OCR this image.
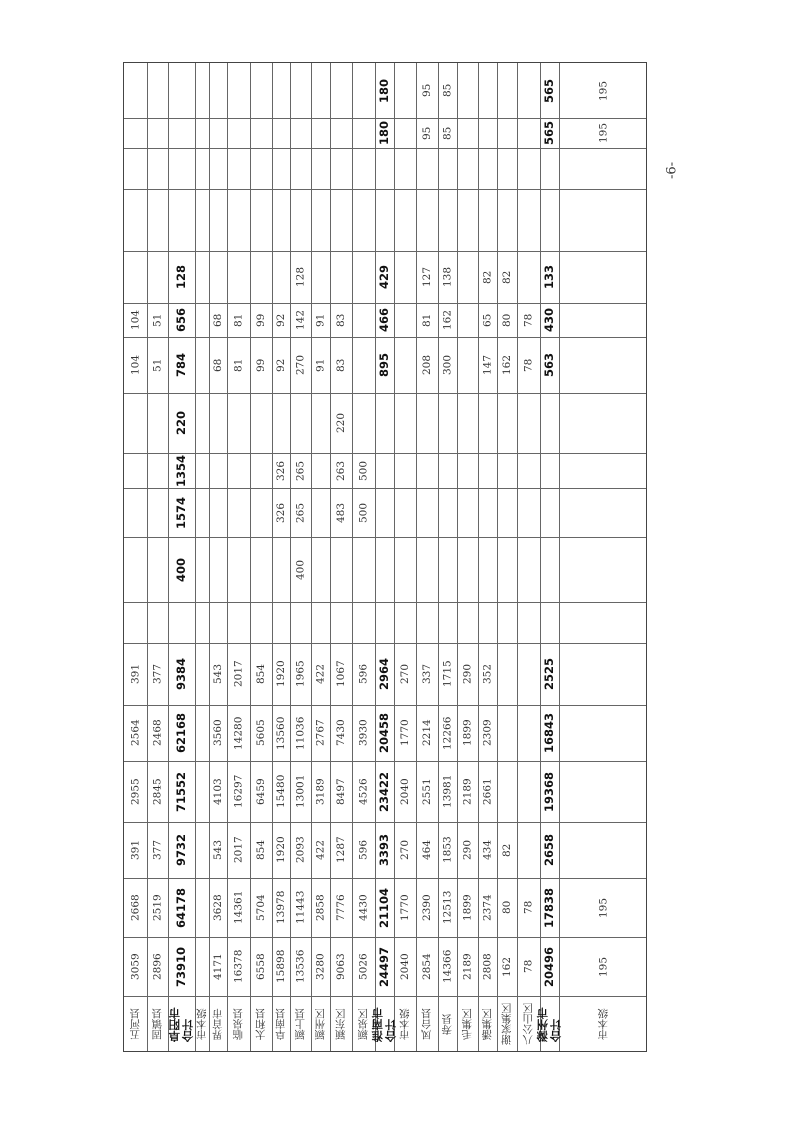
五河县
3059
2668
391
2955
2564
391
104
104
固镇县
2896
2519
377
2845
2468
377
51
51
阜阳市
合计
73910
64178
9732
71552
62168
9384
400
1574
1354
220
784
656
128
市本级 界首市
4171
3628
543
4103
3560
543
68
68
临泉县
16378
14361
2017
16297
14280
2017
81
81
太和县
6558
5704
854
6459
5605
854
99
99
阜南县
15898
13978
1920
15480
13560
1920
326
326
92
92
颍上县
13536
11443
2093
13001
11036
1965
400
265
265
270
142
128
颍州区
3280
2858
422
3189
2767
422
91
91
颍东区
9063
7776
1287
8497
7430
1067
483
263
220
83
83
颍泉区
5026
4430
596
4526
3930
596
500
500
淮南市
合计
24497
21104
3393
23422
20458
2964
895
466
429
180
180
市本级
2040
1770
270
2040
1770
270
凤台县
2854
2390
464
2551
2214
337
208
81
127
95
95
寿县
14366
12513
1853
13981
12266
1715
300
162
138
85
85
毛集区
2189
1899
290
2189
1899
290
潘集区
2808
2374
434
2661
2309
352
147
65
82
谢家集区
162
80
82
162
80
82
八公山区
78
78
78
78
滁州市
合计
20496
17838
2658
19368
16843
2525
563
430
133
565
565
市本级
195
195
195
195
-6-
